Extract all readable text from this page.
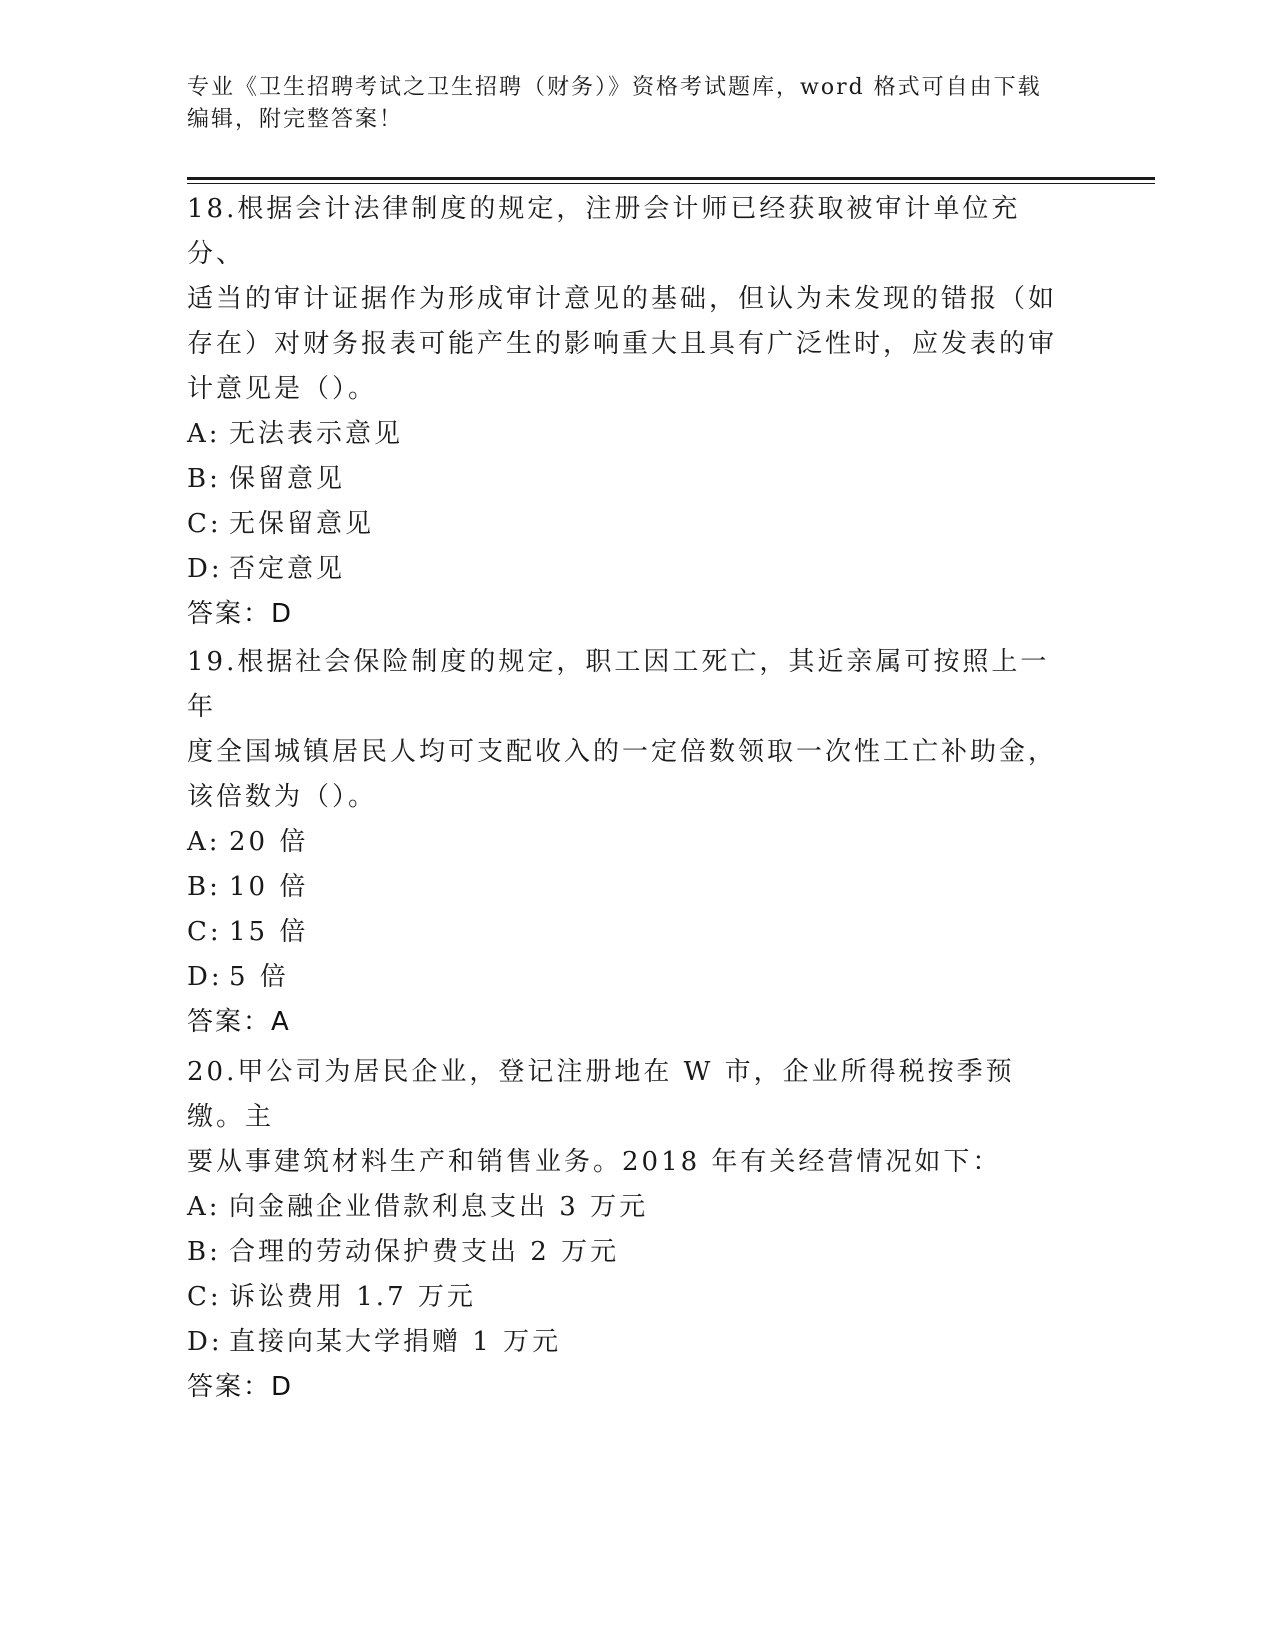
专业《卫生招聘考试之卫生招聘（财务）》资格考试题库，word 格式可自由下载
编辑，附完整答案！

18.根据会计法律制度的规定，注册会计师已经获取被审计单位充分、

适当的审计证据作为形成审计意见的基础，但认为未发现的错报（如

存在）对财务报表可能产生的影响重大且具有广泛性时，应发表的审

计意见是（）。

A: 无法表示意见

B: 保留意见

C: 无保留意见

D: 否定意见

答案：D

19.根据社会保险制度的规定，职工因工死亡，其近亲属可按照上一年

度全国城镇居民人均可支配收入的一定倍数领取一次性工亡补助金，

该倍数为（）。

A: 20 倍

B: 10 倍

C: 15 倍

D: 5 倍

答案：A

20.甲公司为居民企业，登记注册地在 W 市，企业所得税按季预缴。主

要从事建筑材料生产和销售业务。2018 年有关经营情况如下：

A: 向金融企业借款利息支出 3 万元

B: 合理的劳动保护费支出 2 万元

C: 诉讼费用 1.7 万元

D: 直接向某大学捐赠 1 万元

答案：D
